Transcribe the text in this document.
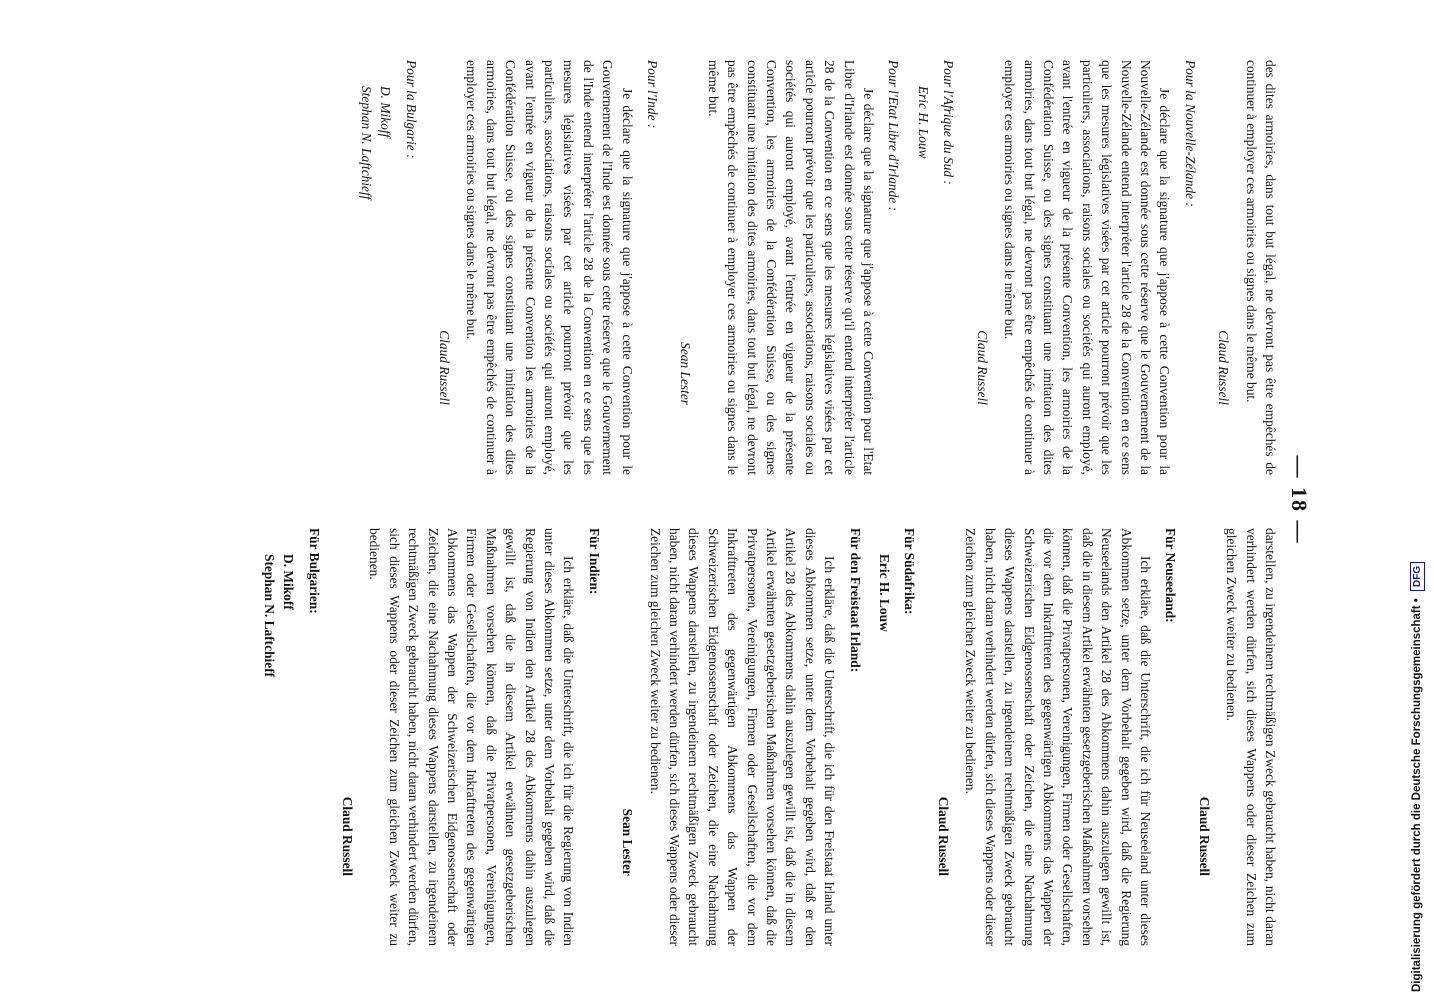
— 18 —

des dites armoiries, dans tout but légal, ne devront pas être empêchés de continuer à employer ces armoiries ou signes dans le même but.

Claud Russell
Pour la Nouvelle-Zélande :

Je déclare que la signature que j'appose à cette Convention pour la Nouvelle-Zélande est donnée sous cette réserve que le Gouvernement de la Nouvelle-Zélande entend interpréter l'article 28 de la Convention en ce sens que les mesures législatives visées par cet article pourront prévoir que les particuliers, associations, raisons sociales ou sociétés qui auront employé, avant l'entrée en vigueur de la présente Convention, les armoiries de la Confédération Suisse, ou des signes constituant une imitation des dites armoiries, dans tout but légal, ne devront pas être empêchés de continuer à employer ces armoiries ou signes dans le même but.

Claud Russell
Pour l'Afrique du Sud :

Eric H. Louw

Pour l'Etat Libre d'Irlande :

Je déclare que la signature que j'appose à cette Convention pour l'Etat Libre d'Irlande est donnée sous cette réserve qu'il entend interpréter l'article 28 de la Convention en ce sens que les mesures législatives visées par cet article pourront prévoir que les particuliers, associations, raisons sociales ou sociétés qui auront employé, avant l'entrée en vigueur de la présente Convention, les armoiries de la Confédération Suisse, ou des signes constituant une imitation des dites armoiries, dans tout but légal, ne devront pas être empêchés de continuer à employer ces armoiries ou signes dans le même but.

Sean Lester
Pour l'Inde :

Je déclare que la signature que j'appose à cette Convention pour le Gouvernement de l'Inde est donnée sous cette réserve que le Gouvernement de l'Inde entend interpréter l'article 28 de la Convention en ce sens que les mesures législatives visées par cet article pourront prévoir que les particuliers, associations, raisons sociales ou sociétés qui auront employé, avant l'entrée en vigueur de la présente Convention les armoiries de la Confédération Suisse, ou des signes constituant une imitation des dites armoiries, dans tout but légal, ne devront pas être empêchés de continuer à employer ces armoiries ou signes dans le même but.

Claud Russell
Pour la Bulgarie :

D. Mikoff

Stephan N. Laftchieff

darstellen, zu irgendeinem rechtmäßigen Zweck gebraucht haben, nicht daran verhindert werden dürfen, sich dieses Wappens oder dieser Zeichen zum gleichen Zweck weiter zu bedienen.

Claud Russell
Für Neuseeland:

Ich erkläre, daß die Unterschrift, die ich für Neuseeland unter dieses Abkommen setze, unter dem Vorbehalt gegeben wird, daß die Regierung Neuseelands den Artikel 28 des Abkommens dahin auszulegen gewillt ist, daß die in diesem Artikel erwähnten gesetzgeberischen Maßnahmen vorsehen können, daß die Privatpersonen, Vereinigungen, Firmen oder Gesellschaften, die vor dem Inkrafttreten des gegenwärtigen Abkommens das Wappen der Schweizerischen Eidgenossenschaft oder Zeichen, die eine Nachahmung dieses Wappens darstellen, zu irgendeinem rechtmäßigen Zweck gebraucht haben, nicht daran verhindert werden dürfen, sich dieses Wappens oder dieser Zeichen zum gleichen Zweck weiter zu bedienen.

Claud Russell
Für Südafrika:

Eric H. Louw

Für den Freistaat Irland:

Ich erkläre, daß die Unterschrift, die ich für den Freistaat Irland unter dieses Abkommen setze, unter dem Vorbehalt gegeben wird, daß er den Artikel 28 des Abkommens dahin auszulegen gewillt ist, daß die in diesem Artikel erwähnten gesetzgeberischen Maßnahmen vorsehen können, daß die Privatpersonen, Vereinigungen, Firmen oder Gesellschaften, die vor dem Inkrafttreten des gegenwärtigen Abkommens das Wappen der Schweizerischen Eidgenossenschaft oder Zeichen, die eine Nachahmung dieses Wappens darstellen, zu irgendeinem rechtmäßigen Zweck gebraucht haben, nicht daran verhindert werden dürfen, sich dieses Wappens oder dieser Zeichen zum gleichen Zweck weiter zu bedienen.

Sean Lester
Für Indien:

Ich erkläre, daß die Unterschrift, die ich für die Regierung von Indien unter dieses Abkommen setze, unter dem Vorbehalt gegeben wird, daß die Regierung von Indien den Artikel 28 des Abkommens dahin auszulegen gewillt ist, daß die in diesem Artikel erwähnten gesetzgeberischen Maßnahmen vorsehen können, daß die Privatpersonen, Vereinigungen, Firmen oder Gesellschaften, die vor dem Inkrafttreten des gegenwärtigen Abkommens das Wappen der Schweizerischen Eidgenossenschaft oder Zeichen, die eine Nachahmung dieses Wappens darstellen, zu irgendeinem rechtmäßigen Zweck gebraucht haben, nicht daran verhindert werden dürfen, sich dieses Wappens oder dieser Zeichen zum gleichen Zweck weiter zu bedienen.

Claud Russell
Für Bulgarien:

D. Mikoff

Stephan N. Laftchieff	Digitalisierung gefördert durch die Deutsche Forschungsgemeinschaft • DFG
